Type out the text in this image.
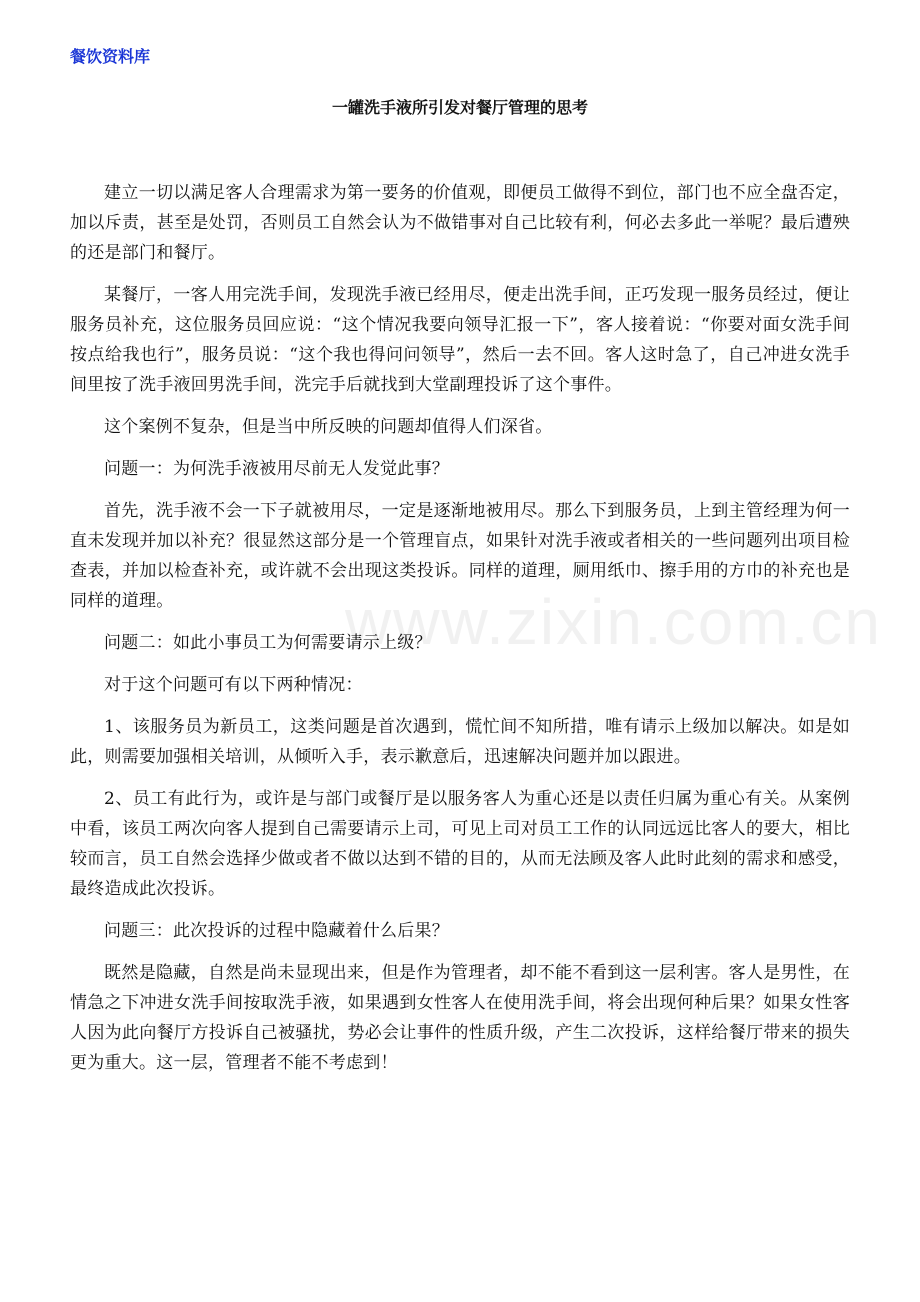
餐饮资料库
一罐洗手液所引发对餐厅管理的思考
www.zixin.com.cn

建立一切以满足客人合理需求为第一要务的价值观，即便员工做得不到位，部门也不应全盘否定，加以斥责，甚至是处罚，否则员工自然会认为不做错事对自己比较有利，何必去多此一举呢？最后遭殃的还是部门和餐厅。

某餐厅，一客人用完洗手间，发现洗手液已经用尽，便走出洗手间，正巧发现一服务员经过，便让服务员补充，这位服务员回应说：“这个情况我要向领导汇报一下”，客人接着说：“你要对面女洗手间按点给我也行”，服务员说：“这个我也得问问领导”，然后一去不回。客人这时急了，自己冲进女洗手间里按了洗手液回男洗手间，洗完手后就找到大堂副理投诉了这个事件。

这个案例不复杂，但是当中所反映的问题却值得人们深省。

问题一：为何洗手液被用尽前无人发觉此事？

首先，洗手液不会一下子就被用尽，一定是逐渐地被用尽。那么下到服务员，上到主管经理为何一直未发现并加以补充？很显然这部分是一个管理盲点，如果针对洗手液或者相关的一些问题列出项目检查表，并加以检查补充，或许就不会出现这类投诉。同样的道理，厕用纸巾、擦手用的方巾的补充也是同样的道理。

问题二：如此小事员工为何需要请示上级？

对于这个问题可有以下两种情况：

1、该服务员为新员工，这类问题是首次遇到，慌忙间不知所措，唯有请示上级加以解决。如是如此，则需要加强相关培训，从倾听入手，表示歉意后，迅速解决问题并加以跟进。

2、员工有此行为，或许是与部门或餐厅是以服务客人为重心还是以责任归属为重心有关。从案例中看，该员工两次向客人提到自己需要请示上司，可见上司对员工工作的认同远远比客人的要大，相比较而言，员工自然会选择少做或者不做以达到不错的目的，从而无法顾及客人此时此刻的需求和感受，最终造成此次投诉。

问题三：此次投诉的过程中隐藏着什么后果？

既然是隐藏，自然是尚未显现出来，但是作为管理者，却不能不看到这一层利害。客人是男性，在情急之下冲进女洗手间按取洗手液，如果遇到女性客人在使用洗手间，将会出现何种后果？如果女性客人因为此向餐厅方投诉自己被骚扰，势必会让事件的性质升级，产生二次投诉，这样给餐厅带来的损失更为重大。这一层，管理者不能不考虑到！
